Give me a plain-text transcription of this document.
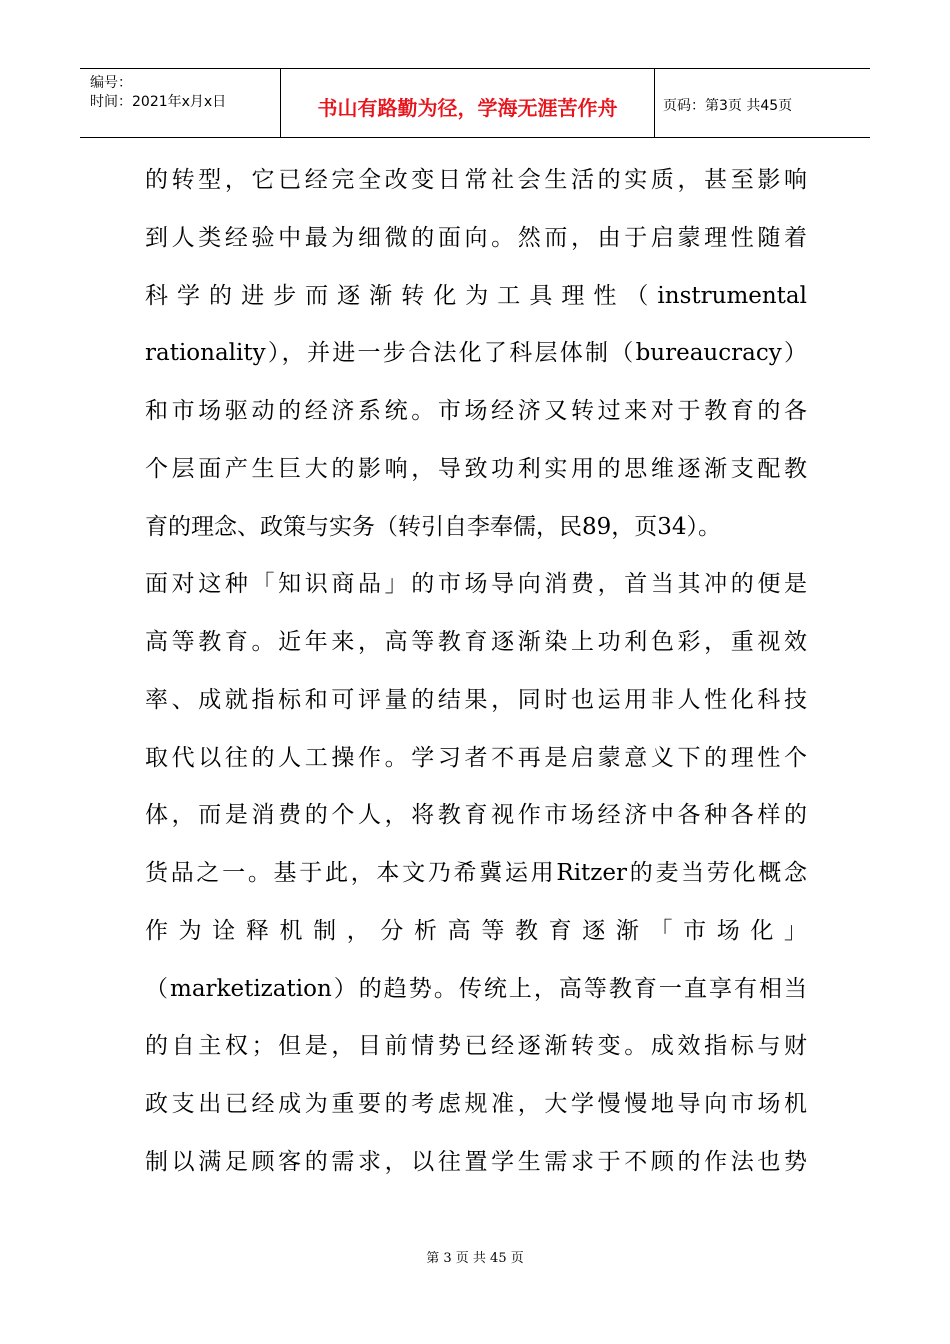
编号：
时间：2021年x月x日	书山有路勤为径，学海无涯苦作舟	页码：第3页 共45页
的转型，它已经完全改变日常社会生活的实质，甚至影响
到人类经验中最为细微的面向。然而，由于启蒙理性随着
科学的进步而逐渐转化为工具理性（instrumental
rationality），并进一步合法化了科层体制（bureaucracy）
和市场驱动的经济系统。市场经济又转过来对于教育的各
个层面产生巨大的影响，导致功利实用的思维逐渐支配教
育的理念、政策与实务（转引自李奉儒，民89，页34）。
面对这种「知识商品」的市场导向消费，首当其冲的便是
高等教育。近年来，高等教育逐渐染上功利色彩，重视效
率、成就指标和可评量的结果，同时也运用非人性化科技
取代以往的人工操作。学习者不再是启蒙意义下的理性个
体，而是消费的个人，将教育视作市场经济中各种各样的
货品之一。基于此，本文乃希冀运用Ritzer的麦当劳化概念
作为诠释机制，分析高等教育逐渐「市场化」
（marketization）的趋势。传统上，高等教育一直享有相当
的自主权；但是，目前情势已经逐渐转变。成效指标与财
政支出已经成为重要的考虑规准，大学慢慢地导向市场机
制以满足顾客的需求，以往置学生需求于不顾的作法也势
第 3 页 共 45 页
